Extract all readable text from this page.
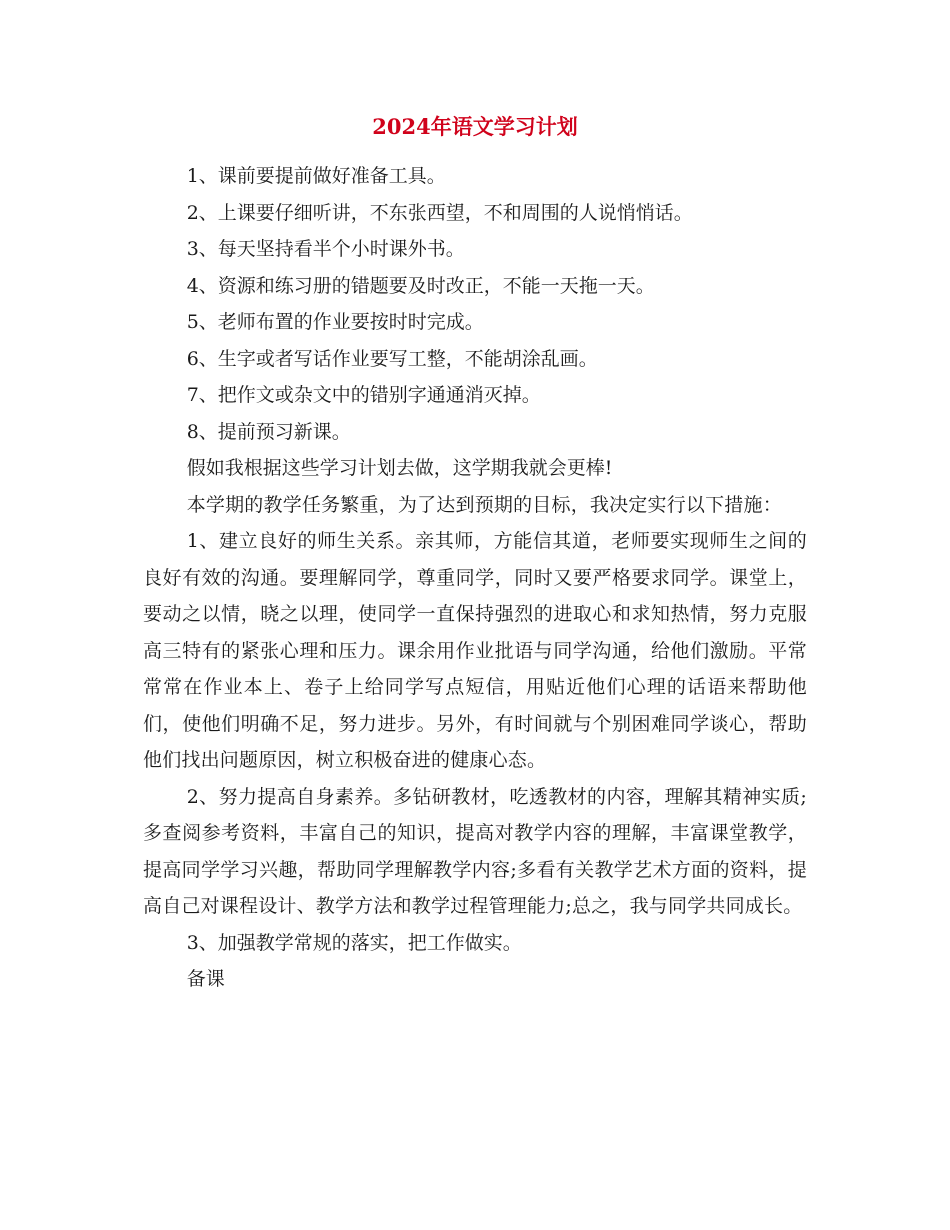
2024年语文学习计划

1、课前要提前做好准备工具。

2、上课要仔细听讲，不东张西望，不和周围的人说悄悄话。

3、每天坚持看半个小时课外书。

4、资源和练习册的错题要及时改正，不能一天拖一天。

5、老师布置的作业要按时时完成。

6、生字或者写话作业要写工整，不能胡涂乱画。

7、把作文或杂文中的错别字通通消灭掉。

8、提前预习新课。

假如我根据这些学习计划去做，这学期我就会更棒!

本学期的教学任务繁重，为了达到预期的目标，我决定实行以下措施：

1、建立良好的师生关系。亲其师，方能信其道，老师要实现师生之间的良好有效的沟通。要理解同学，尊重同学，同时又要严格要求同学。课堂上，要动之以情，晓之以理，使同学一直保持强烈的进取心和求知热情，努力克服高三特有的紧张心理和压力。课余用作业批语与同学沟通，给他们激励。平常常常在作业本上、卷子上给同学写点短信，用贴近他们心理的话语来帮助他们，使他们明确不足，努力进步。另外，有时间就与个别困难同学谈心，帮助他们找出问题原因，树立积极奋进的健康心态。

2、努力提高自身素养。多钻研教材，吃透教材的内容，理解其精神实质;多查阅参考资料，丰富自己的知识，提高对教学内容的理解，丰富课堂教学，提高同学学习兴趣，帮助同学理解教学内容;多看有关教学艺术方面的资料，提高自己对课程设计、教学方法和教学过程管理能力;总之，我与同学共同成长。

3、加强教学常规的落实，把工作做实。

备课
